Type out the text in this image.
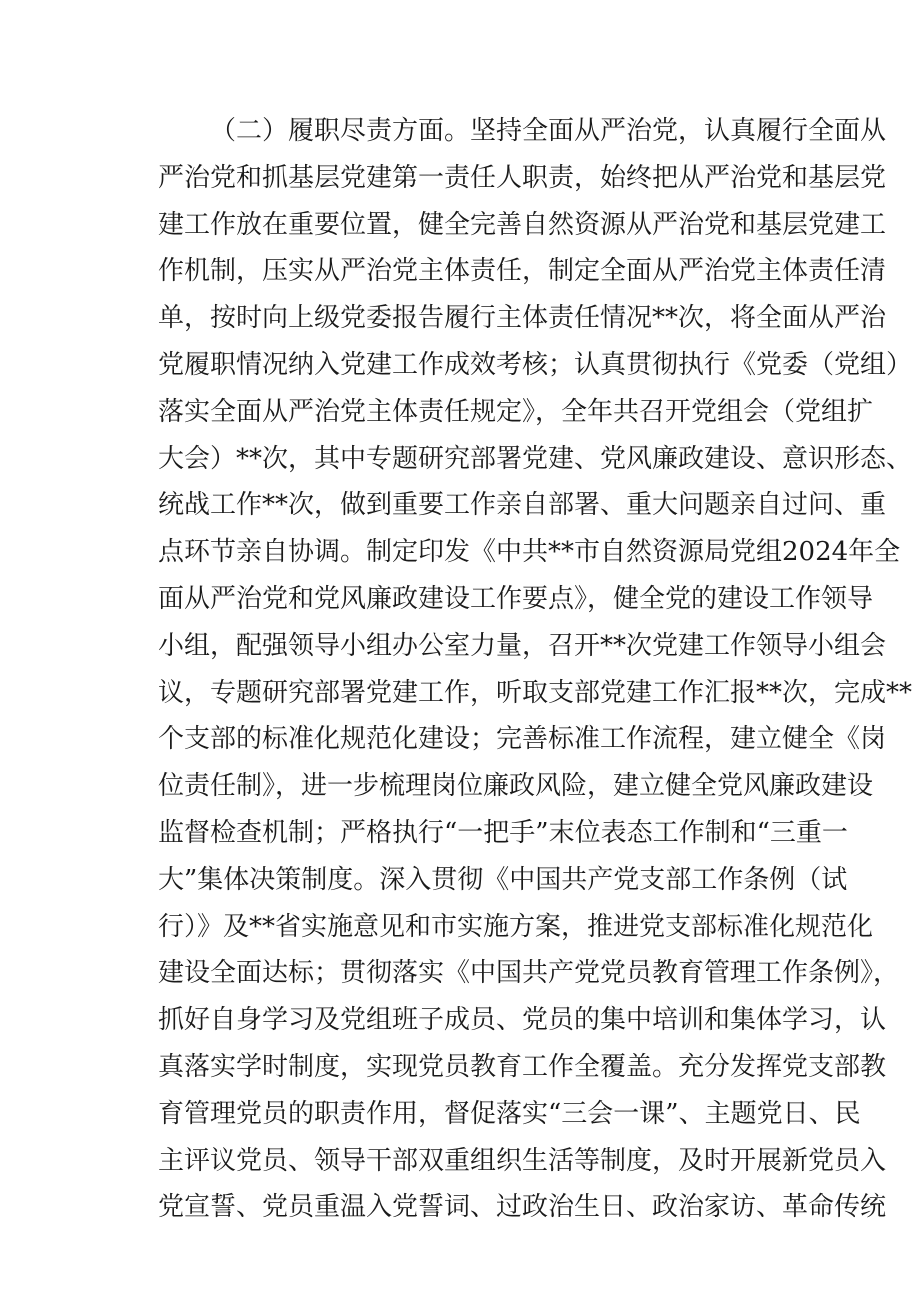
（二）履职尽责方面。坚持全面从严治党，认真履行全面从
严治党和抓基层党建第一责任人职责，始终把从严治党和基层党
建工作放在重要位置，健全完善自然资源从严治党和基层党建工
作机制，压实从严治党主体责任，制定全面从严治党主体责任清
单，按时向上级党委报告履行主体责任情况**次，将全面从严治
党履职情况纳入党建工作成效考核；认真贯彻执行《党委（党组）
落实全面从严治党主体责任规定》，全年共召开党组会（党组扩
大会）**次，其中专题研究部署党建、党风廉政建设、意识形态、
统战工作**次，做到重要工作亲自部署、重大问题亲自过问、重
点环节亲自协调。制定印发《中共**市自然资源局党组2024年全
面从严治党和党风廉政建设工作要点》，健全党的建设工作领导
小组，配强领导小组办公室力量，召开**次党建工作领导小组会
议，专题研究部署党建工作，听取支部党建工作汇报**次，完成**
个支部的标准化规范化建设；完善标准工作流程，建立健全《岗
位责任制》，进一步梳理岗位廉政风险，建立健全党风廉政建设
监督检查机制；严格执行“一把手”末位表态工作制和“三重一
大”集体决策制度。深入贯彻《中国共产党支部工作条例（试
行）》及**省实施意见和市实施方案，推进党支部标准化规范化
建设全面达标；贯彻落实《中国共产党党员教育管理工作条例》，
抓好自身学习及党组班子成员、党员的集中培训和集体学习，认
真落实学时制度，实现党员教育工作全覆盖。充分发挥党支部教
育管理党员的职责作用，督促落实“三会一课”、主题党日、民
主评议党员、领导干部双重组织生活等制度，及时开展新党员入
党宣誓、党员重温入党誓词、过政治生日、政治家访、革命传统
